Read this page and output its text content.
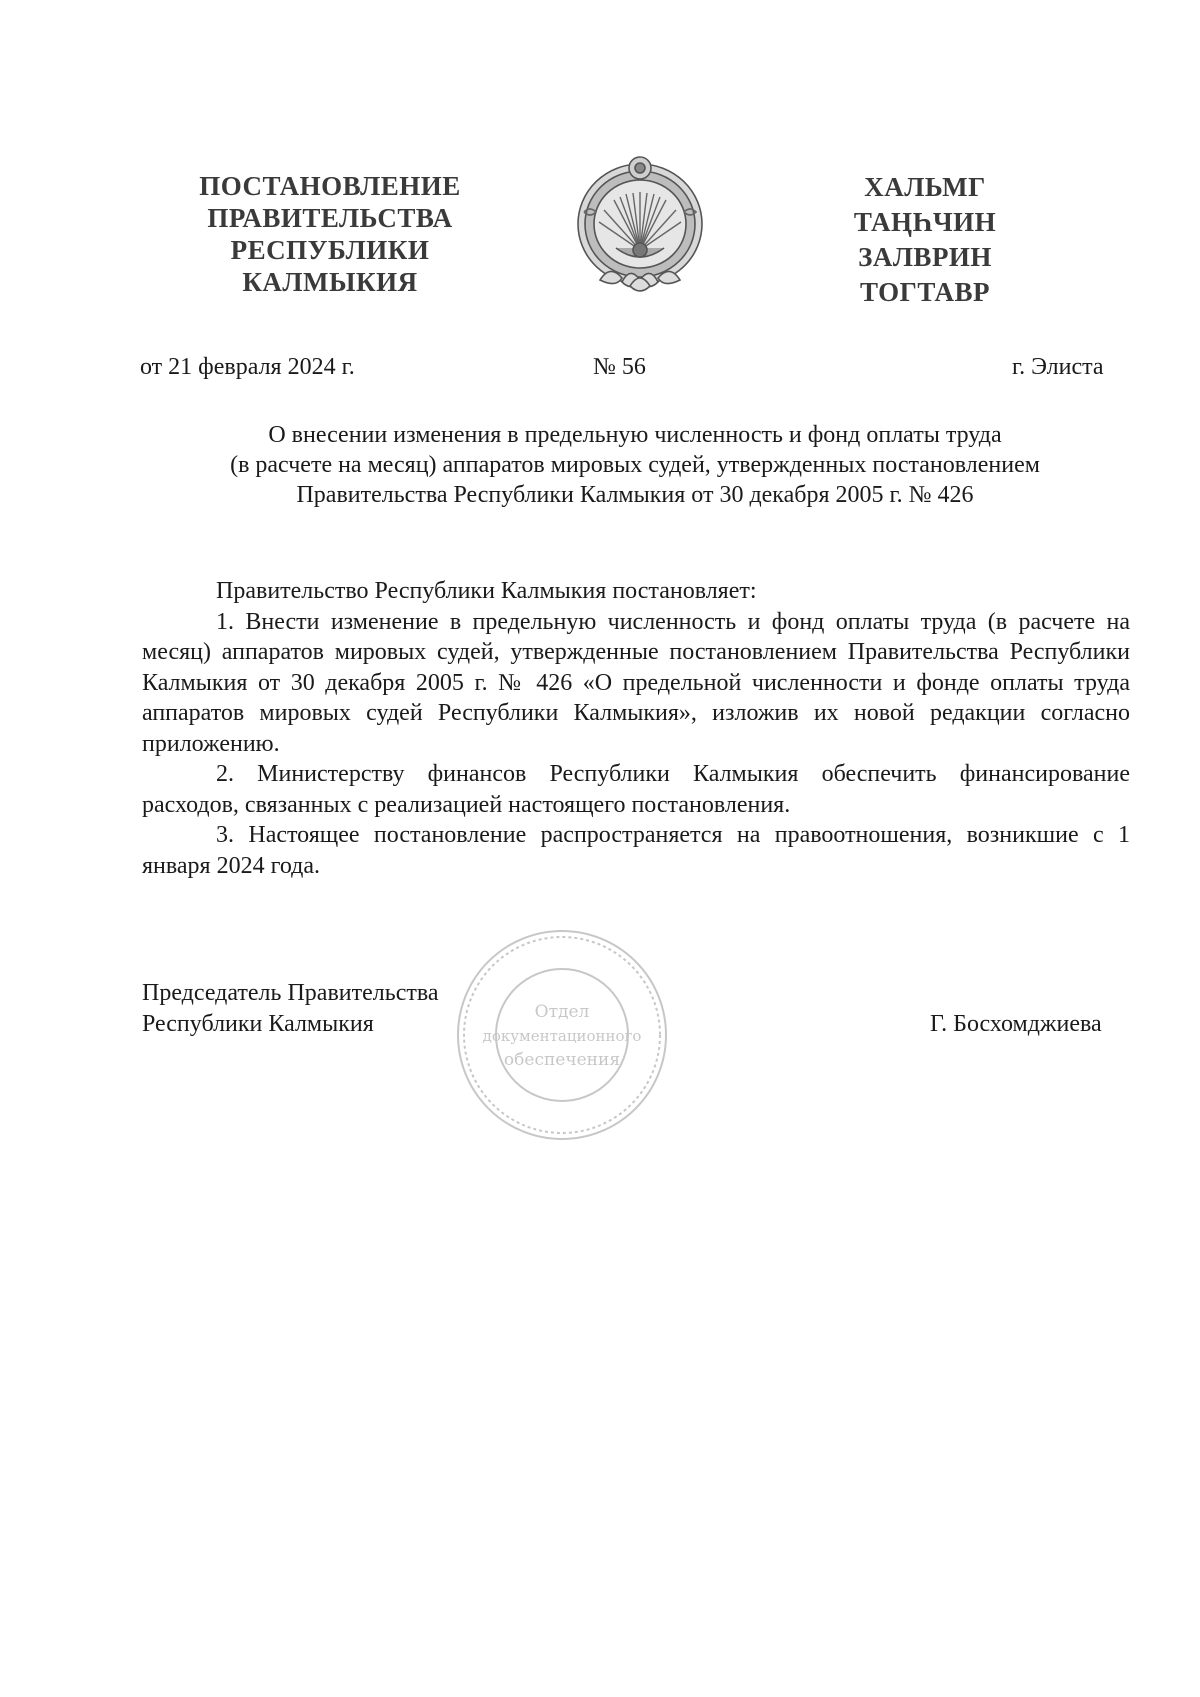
ПОСТАНОВЛЕНИЕ
ПРАВИТЕЛЬСТВА
РЕСПУБЛИКИ
КАЛМЫКИЯ
ХАЛЬМГ
ТАҢҺЧИН
ЗАЛВРИН
ТОГТАВР
от 21 февраля 2024 г.	№ 56	г. Элиста
О внесении изменения в предельную численность и фонд оплаты труда
(в расчете на месяц) аппаратов мировых судей, утвержденных постановлением
Правительства Республики Калмыкия от 30 декабря 2005 г. № 426

Правительство Республики Калмыкия постановляет:

1. Внести изменение в предельную численность и фонд оплаты труда (в расчете на месяц) аппаратов мировых судей, утвержденные постановлением Правительства Республики Калмыкия от 30 декабря 2005 г. № 426 «О предельной численности и фонде оплаты труда аппаратов мировых судей Республики Калмыкия», изложив их новой редакции согласно приложению.

2. Министерству финансов Республики Калмыкия обеспечить финансирование расходов, связанных с реализацией настоящего постановления.

3. Настоящее постановление распространяется на правоотношения, возникшие с 1 января 2024 года.

Отдел
документационного
обеспечения
Председатель Правительства
Республики Калмыкия	Г. Босхомджиева
